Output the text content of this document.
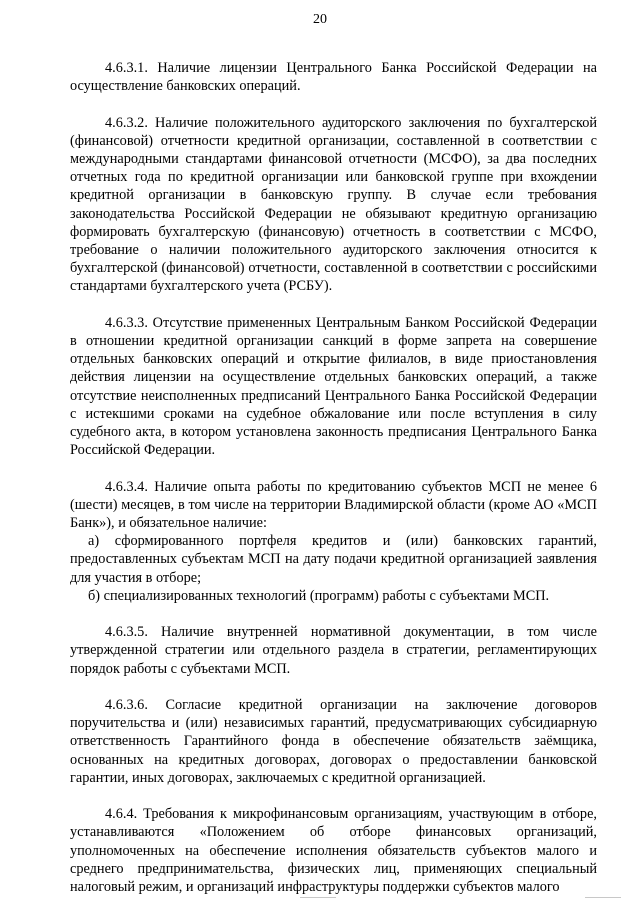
20

4.6.3.1. Наличие лицензии Центрального Банка Российской Федерации на осуществление банковских операций.

4.6.3.2. Наличие положительного аудиторского заключения по бухгалтерской (финансовой) отчетности кредитной организации, составленной в соответствии с международными стандартами финансовой отчетности (МСФО), за два последних отчетных года по кредитной организации или банковской группе при вхождении кредитной организации в банковскую группу. В случае если требования законодательства Российской Федерации не обязывают кредитную организацию формировать бухгалтерскую (финансовую) отчетность в соответствии с МСФО, требование о наличии положительного аудиторского заключения относится к бухгалтерской (финансовой) отчетности, составленной в соответствии с российскими стандартами бухгалтерского учета (РСБУ).

4.6.3.3. Отсутствие примененных Центральным Банком Российской Федерации в отношении кредитной организации санкций в форме запрета на совершение отдельных банковских операций и открытие филиалов, в виде приостановления действия лицензии на осуществление отдельных банковских операций, а также отсутствие неисполненных предписаний Центрального Банка Российской Федерации с истекшими сроками на судебное обжалование или после вступления в силу судебного акта, в котором установлена законность предписания Центрального Банка Российской Федерации.

4.6.3.4. Наличие опыта работы по кредитованию субъектов МСП не менее 6 (шести) месяцев, в том числе на территории Владимирской области (кроме АО «МСП Банк»), и обязательное наличие:

а) сформированного портфеля кредитов и (или) банковских гарантий, предоставленных субъектам МСП на дату подачи кредитной организацией заявления для участия в отборе;

б) специализированных технологий (программ) работы с субъектами МСП.

4.6.3.5. Наличие внутренней нормативной документации, в том числе утвержденной стратегии или отдельного раздела в стратегии, регламентирующих порядок работы с субъектами МСП.

4.6.3.6. Согласие кредитной организации на заключение договоров поручительства и (или) независимых гарантий, предусматривающих субсидиарную ответственность Гарантийного фонда в обеспечение обязательств заёмщика, основанных на кредитных договорах, договорах о предоставлении банковской гарантии, иных договорах, заключаемых с кредитной организацией.

4.6.4. Требования к микрофинансовым организациям, участвующим в отборе, устанавливаются «Положением об отборе финансовых организаций, уполномоченных на обеспечение исполнения обязательств субъектов малого и среднего предпринимательства, физических лиц, применяющих специальный налоговый режим, и организаций инфраструктуры поддержки субъектов малого
